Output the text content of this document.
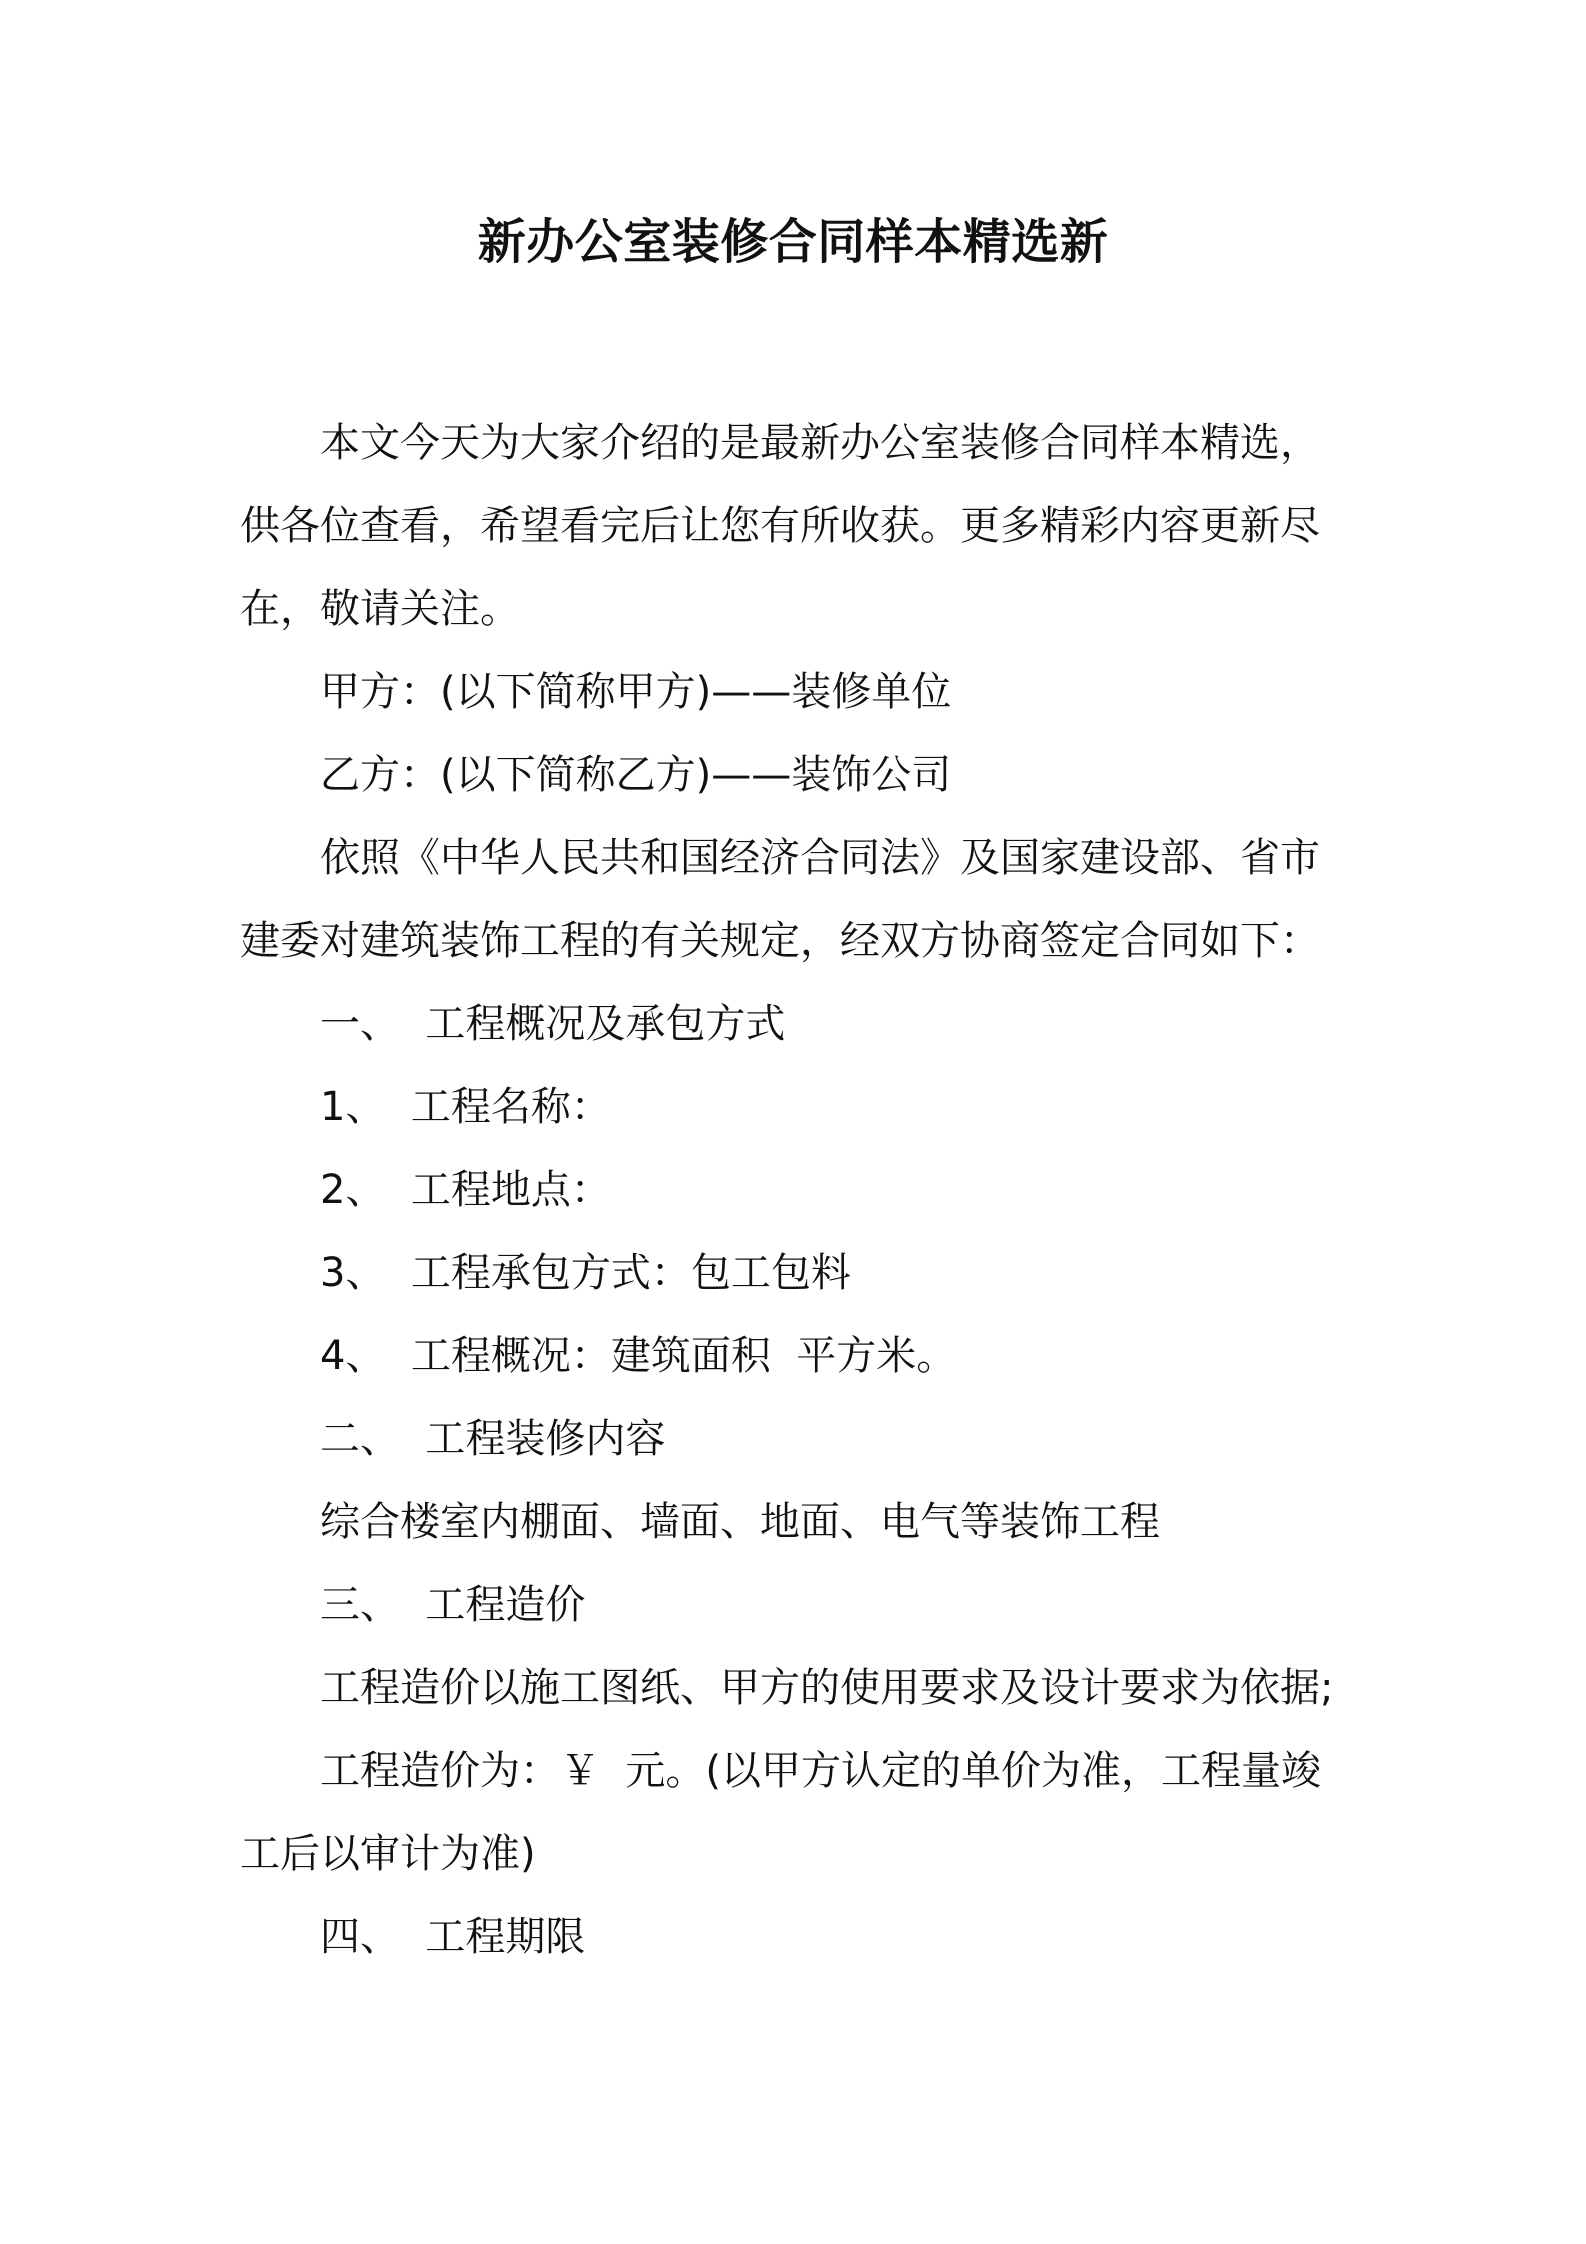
新办公室装修合同样本精选新

本文今天为大家介绍的是最新办公室装修合同样本精选，供各位查看，希望看完后让您有所收获。更多精彩内容更新尽在，敬请关注。

甲方：(以下简称甲方)——装修单位

乙方：(以下简称乙方)——装饰公司

依照《中华人民共和国经济合同法》及国家建设部、省市建委对建筑装饰工程的有关规定，经双方协商签定合同如下：

一、  工程概况及承包方式

1、  工程名称：

2、  工程地点：

3、  工程承包方式：包工包料

4、  工程概况：建筑面积  平方米。

二、  工程装修内容

综合楼室内棚面、墙面、地面、电气等装饰工程

三、  工程造价

工程造价以施工图纸、甲方的使用要求及设计要求为依据;

工程造价为：￥  元。(以甲方认定的单价为准，工程量竣工后以审计为准)

四、  工程期限
